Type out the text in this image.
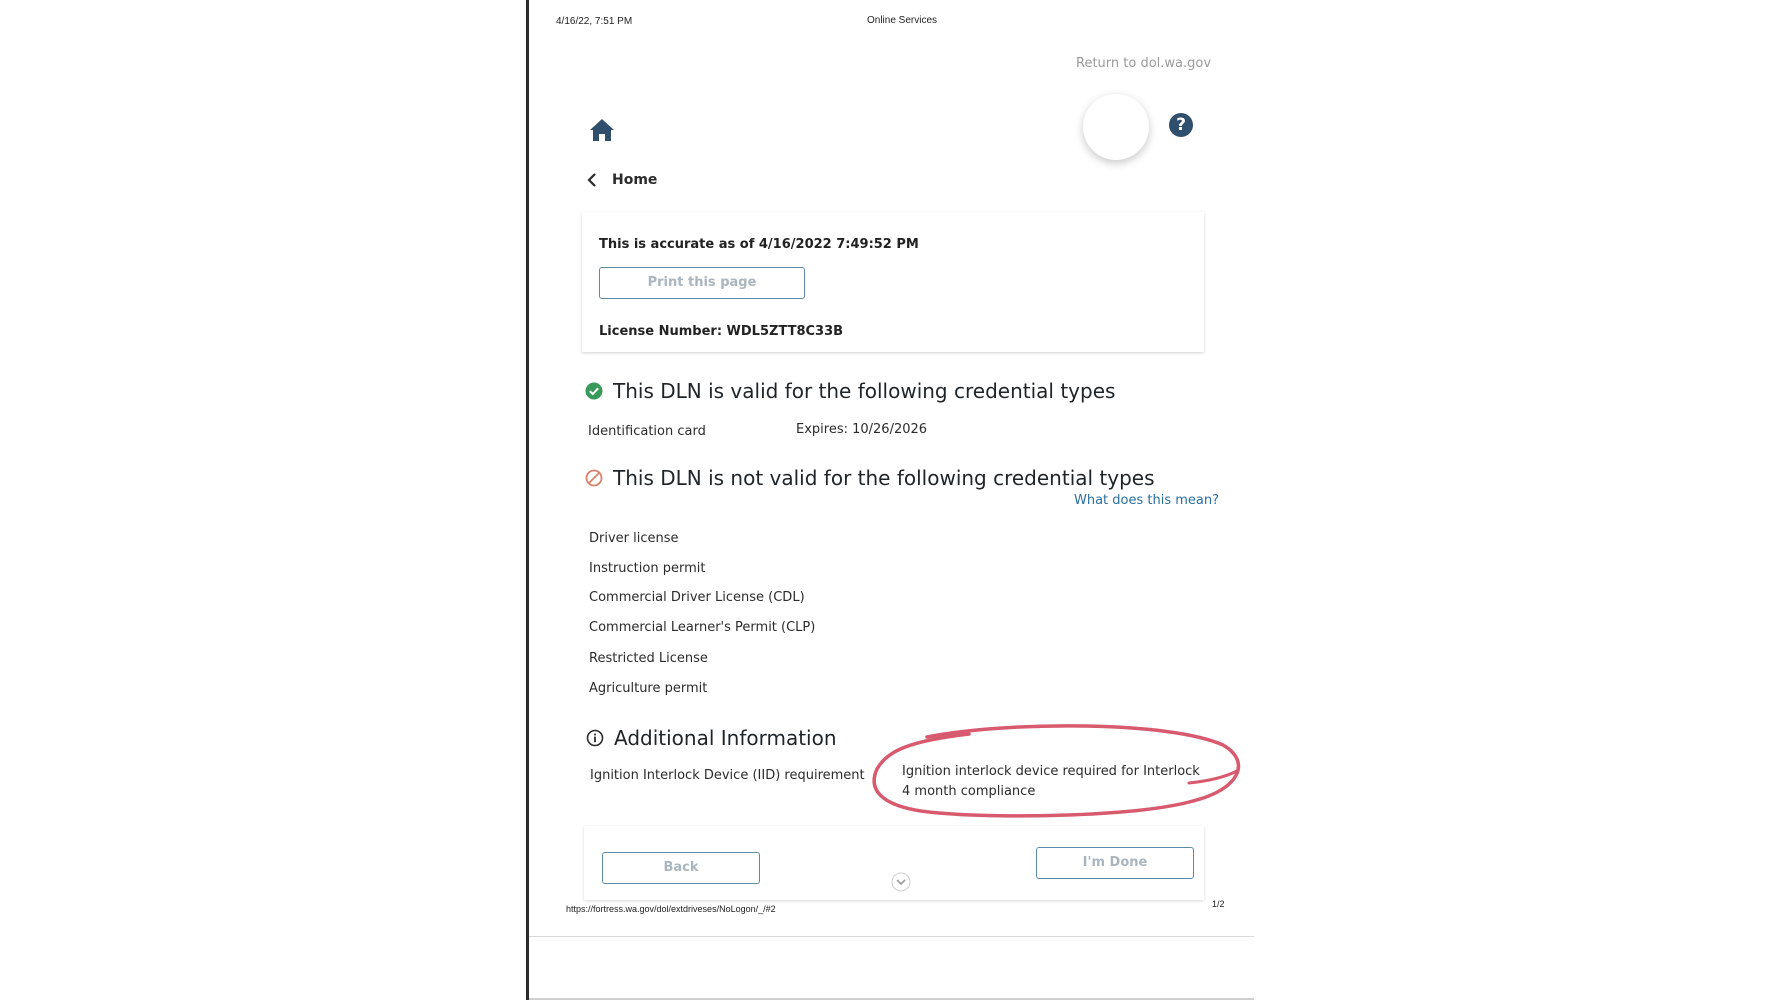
4/16/22, 7:51 PM	Online Services
Return to dol.wa.gov
?
Home
This is accurate as of 4/16/2022 7:49:52 PM
Print this page
License Number: WDL5ZTT8C33B
This DLN is valid for the following credential types
Identification card	Expires: 10/26/2026
This DLN is not valid for the following credential types
What does this mean?
Driver license
Instruction permit
Commercial Driver License (CDL)
Commercial Learner's Permit (CLP)
Restricted License
Agriculture permit
Additional Information
Ignition Interlock Device (IID) requirement	Ignition interlock device required for Interlock 4 month compliance
Back	I'm Done
https://fortress.wa.gov/dol/extdriveses/NoLogon/_/#2	1/2
